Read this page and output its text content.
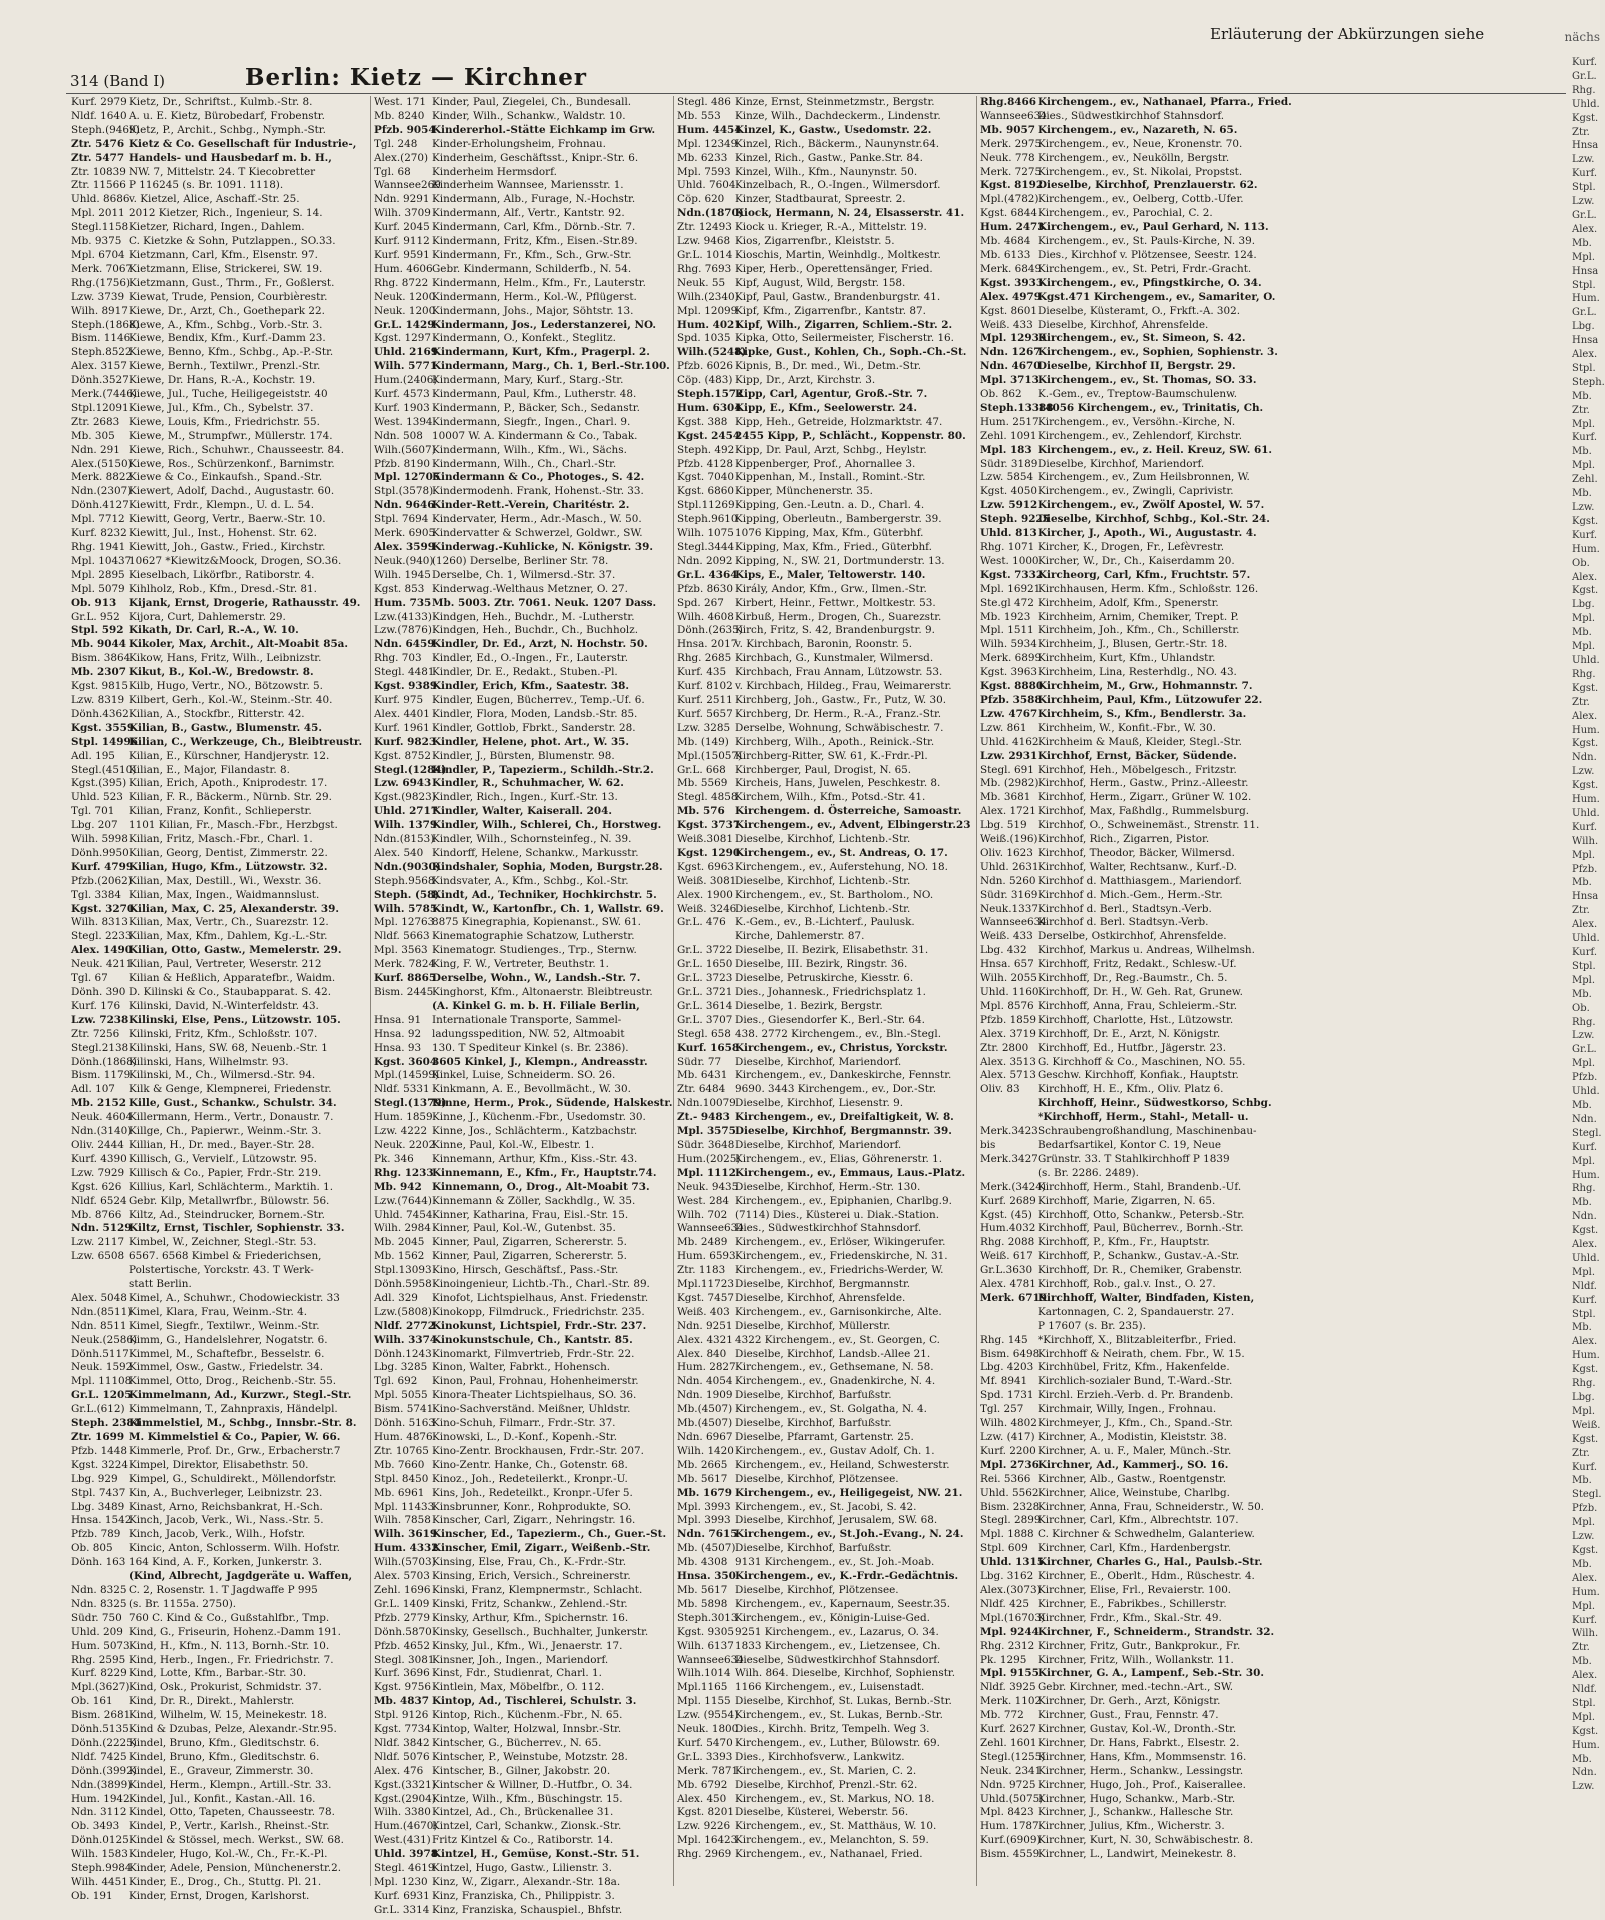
314 (Band I)	Berlin: Kietz — Kirchner
Erläuterung der Abkürzungen siehe	nächs
Kurf. 2979 Kietz, Dr., Schriftst., Kulmb.-Str. 8.
Nldf. 1640 A. u. E. Kietz, Bürobedarf, Frobenstr.
Steph.(9469)Kietz, P., Archit., Schbg., Nymph.-Str.
Ztr. 5476 Kietz & Co. Gesellschaft für Industrie-,
Ztr. 5477 Handels- und Hausbedarf m. b. H.,
Ztr. 10839 NW. 7, Mittelstr. 24. T Kiecobretter
Ztr. 11566 P 116245 (s. Br. 1091. 1118).
Uhld. 8686v. Kietzel, Alice, Aschaff.-Str. 25.
Mpl. 2011 2012 Kietzer, Rich., Ingenieur, S. 14.
Stegl.1158Kietzer, Richard, Ingen., Dahlem.
Mb. 9375 C. Kietzke & Sohn, Putzlappen., SO.33.
Mpl. 6704 Kietzmann, Carl, Kfm., Elsenstr. 97.
Merk. 7067Kietzmann, Elise, Strickerei, SW. 19.
Rhg.(1756)Kietzmann, Gust., Thrm., Fr., Goßlerst.
Lzw. 3739 Kiewat, Trude, Pension, Courbièrestr.
Wilh. 8917Kiewe, Dr., Arzt, Ch., Goethepark 22.
Steph.(1868)Kiewe, A., Kfm., Schbg., Vorb.-Str. 3.
Bism. 1146Kiewe, Bendix, Kfm., Kurf.-Damm 23.
Steph.8522Kiewe, Benno, Kfm., Schbg., Ap.-P.-Str.
Alex. 3157 Kiewe, Bernh., Textilwr., Prenzl.-Str.
Dönh.3527Kiewe, Dr. Hans, R.-A., Kochstr. 19.
Merk.(7446)Kiewe, Jul., Tuche, Heiligegeiststr. 40
Stpl.12091Kiewe, Jul., Kfm., Ch., Sybelstr. 37.
Ztr. 2683 Kiewe, Louis, Kfm., Friedrichstr. 55.
Mb. 305 Kiewe, M., Strumpfwr., Müllerstr. 174.
Ndn. 291 Kiewe, Rich., Schuhwr., Chausseestr. 84.
Alex.(5150)Kiewe, Ros., Schürzenkonf., Barnimstr.
Merk. 8822Kiewe & Co., Einkaufsh., Spand.-Str.
Ndn.(2307)Kiewert, Adolf, Dachd., Augustastr. 60.
Dönh.4127Kiewitt, Frdr., Klempn., U. d. L. 54.
Mpl. 7712 Kiewitt, Georg, Vertr., Baerw.-Str. 10.
Kurf. 8232 Kiewitt, Jul., Inst., Hohenst. Str. 62.
Rhg. 1941 Kiewitt, Joh., Gastw., Fried., Kirchstr.
Mpl. 1043710627 *Kiewitz&Moock, Drogen, SO.36.
Mpl. 2895 Kieselbach, Likörfbr., Ratiborstr. 4.
Mpl. 5079 Kihlholz, Rob., Kfm., Dresd.-Str. 81.
Ob. 913 Kijank, Ernst, Drogerie, Rathausstr. 49.
Gr.L. 952 Kijora, Curt, Dahlemerstr. 29.
Stpl. 592 Kikath, Dr. Carl, R.-A., W. 10.
Mb. 9044 Kikoler, Max, Archit., Alt-Moabit 85a.
Bism. 3864Kikow, Hans, Fritz, Wilh., Leibnizstr.
Mb. 2307 Kikut, B., Kol.-W., Bredowstr. 8.
Kgst. 9815Kilb, Hugo, Vertr., NO., Bötzowstr. 5.
Lzw. 8319 Kilbert, Gerh., Kol.-W., Steinm.-Str. 40.
Dönh.4362Kilian, A., Stockfbr., Ritterstr. 42.
Kgst. 3559Kilian, B., Gastw., Blumenstr. 45.
Stpl. 14996Kilian, C., Werkzeuge, Ch., Bleibtreustr.
Adl. 195 Kilian, E., Kürschner, Handjerystr. 12.
Stegl.(4510)Kilian, E., Major, Filandastr. 8.
Kgst.(395) Kilian, Erich, Apoth., Kniprodestr. 17.
Uhld. 523 Kilian, F. R., Bäckerm., Nürnb. Str. 29.
Tgl. 701 Kilian, Franz, Konfit., Schlieperstr.
Lbg. 207 1101 Kilian, Fr., Masch.-Fbr., Herzbgst.
Wilh. 5998Kilian, Fritz, Masch.-Fbr., Charl. 1.
Dönh.9950Kilian, Georg, Dentist, Zimmerstr. 22.
Kurf. 4799Kilian, Hugo, Kfm., Lützowstr. 32.
Pfzb.(2062)Kilian, Max, Destill., Wi., Wexstr. 36.
Tgl. 3384 Kilian, Max, Ingen., Waidmannslust.
Kgst. 3270Kilian, Max, C. 25, Alexanderstr. 39.
Wilh. 8313Kilian, Max, Vertr., Ch., Suarezstr. 12.
Stegl. 2233Kilian, Max, Kfm., Dahlem, Kg.-L.-Str.
Alex. 1490Kilian, Otto, Gastw., Memelerstr. 29.
Neuk. 4211Kilian, Paul, Vertreter, Weserstr. 212
Tgl. 67 Kilian & Heßlich, Apparatefbr., Waidm.
Dönh. 390 D. Kilinski & Co., Staubapparat. S. 42.
Kurf. 176 Kilinski, David, N.-Winterfeldstr. 43.
Lzw. 7238Kilinski, Else, Pens., Lützowstr. 105.
Ztr. 7256 Kilinski, Fritz, Kfm., Schloßstr. 107.
Stegl.2138Kilinski, Hans, SW. 68, Neuenb.-Str. 1
Dönh.(1868)Kilinski, Hans, Wilhelmstr. 93.
Bism. 1179Kilinski, M., Ch., Wilmersd.-Str. 94.
Adl. 107 Kilk & Genge, Klempnerei, Friedenstr.
Mb. 2152 Kille, Gust., Schankw., Schulstr. 34.
Neuk. 4604Killermann, Herm., Vertr., Donaustr. 7.
Ndn.(3140)Killge, Ch., Papierwr., Weinm.-Str. 3.
Oliv. 2444 Killian, H., Dr. med., Bayer.-Str. 28.
Kurf. 4390 Killisch, G., Vervielf., Lützowstr. 95.
Lzw. 7929 Killisch & Co., Papier, Frdr.-Str. 219.
Kgst. 626 Killius, Karl, Schlächterm., Marktih. 1.
Nldf. 6524 Gebr. Kilp, Metallwrfbr., Bülowstr. 56.
Mb. 8766 Kiltz, Ad., Steindrucker, Bornem.-Str.
Ndn. 5129Kiltz, Ernst, Tischler, Sophienstr. 33.
Lzw. 2117 Kimbel, W., Zeichner, Stegl.-Str. 53.
Lzw. 6508 6567. 6568 Kimbel & Friederichsen,
Polstertische, Yorckstr. 43. T Werk-
statt Berlin.
Alex. 5048 Kimel, A., Schuhwr., Chodowieckistr. 33
Ndn.(8511)Kimel, Klara, Frau, Weinm.-Str. 4.
Ndn. 8511 Kimel, Siegfr., Textilwr., Weinm.-Str.
Neuk.(2586)Kimm, G., Handelslehrer, Nogatstr. 6.
Dönh.5117Kimmel, M., Schaftefbr., Besselstr. 6.
Neuk. 1592Kimmel, Osw., Gastw., Friedelstr. 34.
Mpl. 11108Kimmel, Otto, Drog., Reichenb.-Str. 55.
Gr.L. 1205Kimmelmann, Ad., Kurzwr., Stegl.-Str.
Gr.L.(612) Kimmelmann, T., Zahnpraxis, Händelpl.
Steph. 2384Kimmelstiel, M., Schbg., Innsbr.-Str. 8.
Ztr. 1699 M. Kimmelstiel & Co., Papier, W. 66.
Pfzb. 1448 Kimmerle, Prof. Dr., Grw., Erbacherstr.7
Kgst. 3224Kimpel, Direktor, Elisabethstr. 50.
Lbg. 929 Kimpel, G., Schuldirekt., Möllendorfstr.
Stpl. 7437 Kin, A., Buchverleger, Leibnizstr. 23.
Lbg. 3489 Kinast, Arno, Reichsbankrat, H.-Sch.
Hnsa. 1542Kinch, Jacob, Verk., Wi., Nass.-Str. 5.
Pfzb. 789 Kinch, Jacob, Verk., Wilh., Hofstr.
Ob. 805 Kincic, Anton, Schlosserm. Wilh. Hofstr.
Dönh. 163 164 Kind, A. F., Korken, Junkerstr. 3.
(Kind, Albrecht, Jagdgeräte u. Waffen,
Ndn. 8325 C. 2, Rosenstr. 1. T Jagdwaffe P 995
Ndn. 8325 (s. Br. 1155a. 2750).
Südr. 750 760 C. Kind & Co., Gußstahlfbr., Tmp.
Uhld. 209 Kind, G., Friseurin, Hohenz.-Damm 191.
Hum. 5073Kind, H., Kfm., N. 113, Bornh.-Str. 10.
Rhg. 2595 Kind, Herb., Ingen., Fr. Friedrichstr. 7.
Kurf. 8229 Kind, Lotte, Kfm., Barbar.-Str. 30.
Mpl.(3627)Kind, Osk., Prokurist, Schmidstr. 37.
Ob. 161 Kind, Dr. R., Direkt., Mahlerstr.
Bism. 2681Kind, Wilhelm, W. 15, Meinekestr. 18.
Dönh.5135Kind & Dzubas, Pelze, Alexandr.-Str.95.
Dönh.(2225)Kindel, Bruno, Kfm., Gleditschstr. 6.
Nldf. 7425 Kindel, Bruno, Kfm., Gleditschstr. 6.
Dönh.(3992)Kindel, E., Graveur, Zimmerstr. 30.
Ndn.(3899)Kindel, Herm., Klempn., Artill.-Str. 33.
Hum. 1942Kindel, Jul., Konfit., Kastan.-All. 16.
Ndn. 3112 Kindel, Otto, Tapeten, Chausseestr. 78.
Ob. 3493 Kindel, P., Vertr., Karlsh., Rheinst.-Str.
Dönh.0125Kindel & Stössel, mech. Werkst., SW. 68.
Wilh. 1583Kindeler, Hugo, Kol.-W., Ch., Fr.-K.-Pl.
Steph.9984Kinder, Adele, Pension, Münchenerstr.2.
Wilh. 4451Kinder, E., Drog., Ch., Stuttg. Pl. 21.
Ob. 191 Kinder, Ernst, Drogen, Karlshorst.
West. 171 Kinder, Paul, Ziegelei, Ch., Bundesall.
Mb. 8240 Kinder, Wilh., Schankw., Waldstr. 10.
Pfzb. 9054Kindererhol.-Stätte Eichkamp im Grw.
Tgl. 248 Kinder-Erholungsheim, Frohnau.
Alex.(270) Kinderheim, Geschäftsst., Knipr.-Str. 6.
Tgl. 68 Kinderheim Hermsdorf.
Wannsee269Kinderheim Wannsee, Mariensstr. 1.
Ndn. 9291 Kindermann, Alb., Furage, N.-Hochstr.
Wilh. 3709Kindermann, Alf., Vertr., Kantstr. 92.
Kurf. 2045 Kindermann, Carl, Kfm., Dörnb.-Str. 7.
Kurf. 9112 Kindermann, Fritz, Kfm., Eisen.-Str.89.
Kurf. 9591 Kindermann, Fr., Kfm., Sch., Grw.-Str.
Hum. 4606Gebr. Kindermann, Schilderfb., N. 54.
Rhg. 8722 Kindermann, Helm., Kfm., Fr., Lauterstr.
Neuk. 1200Kindermann, Herm., Kol.-W., Pflügerst.
Neuk. 1200Kindermann, Johs., Major, Söhtstr. 13.
Gr.L. 1429Kindermann, Jos., Lederstanzerei, NO.
Kgst. 1297Kindermann, O., Konfekt., Steglitz.
Uhld. 2169Kindermann, Kurt, Kfm., Pragerpl. 2.
Wilh. 5771Kindermann, Marg., Ch. 1, Berl.-Str.100.
Hum.(2406)Kindermann, Mary, Kurf., Starg.-Str.
Kurf. 4573 Kindermann, Paul, Kfm., Lutherstr. 48.
Kurf. 1903 Kindermann, P., Bäcker, Sch., Sedanstr.
West. 1394Kindermann, Siegfr., Ingen., Charl. 9.
Ndn. 508 10007 W. A. Kindermann & Co., Tabak.
Wilh.(5607)Kindermann, Wilh., Kfm., Wi., Sächs.
Pfzb. 8190 Kindermann, Wilh., Ch., Charl.-Str.
Mpl. 12705Kindermann & Co., Photoges., S. 42.
Stpl.(3578)Kindermodenh. Frank, Hohenst.-Str. 33.
Ndn. 9646Kinder-Rett.-Verein, Charitéstr. 2.
Stpl. 7694 Kindervater, Herm., Adr.-Masch., W. 50.
Merk. 6905Kindervatter & Schwerzel, Goldwr., SW.
Alex. 3599Kinderwag.-Kuhlicke, N. Königstr. 39.
Neuk.(940)(1260) Derselbe, Berliner Str. 78.
Wilh. 1945Derselbe, Ch. 1, Wilmersd.-Str. 37.
Kgst. 853 Kinderwag.-Welthaus Metzner, O. 27.
Hum. 735Mb. 5003. Ztr. 7061. Neuk. 1207 Dass.
Lzw.(4133)Kindgen, Heh., Buchdr., M. -Lutherstr.
Lzw.(7876)Kindgen, Heh., Buchdr., Ch., Buchholz.
Ndn. 6459Kindler, Dr. Ed., Arzt, N. Hochstr. 50.
Rhg. 703 Kindler, Ed., O.-Ingen., Fr., Lauterstr.
Stegl. 4481Kindler, Dr. E., Redakt., Stuben.-Pl.
Kgst. 9389Kindler, Erich, Kfm., Saatestr. 38.
Kurf. 975 Kindler, Eugen, Bücherrev., Temp.-Uf. 6.
Alex. 4401 Kindler, Flora, Moden, Landsb.-Str. 85.
Kurf. 1961 Kindler, Gottlob, Fbrkt., Sanderstr. 28.
Kurf. 9823Kindler, Helene, phot. Art., W. 35.
Kgst. 8752Kindler, J., Bürsten, Blumenstr. 98.
Stegl.(1284)Kindler, P., Tapezierm., Schildh.-Str.2.
Lzw. 6943Kindler, R., Schuhmacher, W. 62.
Kgst.(9823)Kindler, Rich., Ingen., Kurf.-Str. 13.
Uhld. 2717Kindler, Walter, Kaiserall. 204.
Wilh. 1379Kindler, Wilh., Schlerei, Ch., Horstweg.
Ndn.(8153)Kindler, Wilh., Schornsteinfeg., N. 39.
Alex. 540 Kindorff, Helene, Schankw., Markusstr.
Ndn.(9030)Kindshaler, Sophia, Moden, Burgstr.28.
Steph.9568Kindsvater, A., Kfm., Schbg., Kol.-Str.
Steph. (58)Kindt, Ad., Techniker, Hochkirchstr. 5.
Wilh. 5785Kindt, W., Kartonfbr., Ch. 1, Wallstr. 69.
Mpl. 127638875 Kinegraphia, Kopienanst., SW. 61.
Nldf. 5663 Kinematographie Schatzow, Lutherstr.
Mpl. 3563 Kinematogr. Studienges., Trp., Sternw.
Merk. 7824King, F. W., Vertreter, Beuthstr. 1.
Kurf. 8865Derselbe, Wohn., W., Landsh.-Str. 7.
Bism. 2445Kinghorst, Kfm., Altonaerstr. Bleibtreustr.
(A. Kinkel G. m. b. H. Filiale Berlin,
Hnsa. 91 Internationale Transporte, Sammel-
Hnsa. 92 ladungsspedition, NW. 52, Altmoabit
Hnsa. 93 130. T Spediteur Kinkel (s. Br. 2386).
Kgst. 36043605 Kinkel, J., Klempn., Andreasstr.
Mpl.(14599)Kinkel, Luise, Schneiderm. SO. 26.
Nldf. 5331 Kinkmann, A. E., Bevollmächt., W. 30.
Stegl.(1379)Kinne, Herm., Prok., Südende, Halskestr.
Hum. 1859Kinne, J., Küchenm.-Fbr., Usedomstr. 30.
Lzw. 4222 Kinne, Jos., Schlächterm., Katzbachstr.
Neuk. 2202Kinne, Paul, Kol.-W., Elbestr. 1.
Pk. 346 Kinnemann, Arthur, Kfm., Kiss.-Str. 43.
Rhg. 1233Kinnemann, E., Kfm., Fr., Hauptstr.74.
Mb. 942 Kinnemann, O., Drog., Alt-Moabit 73.
Lzw.(7644)Kinnemann & Zöller, Sackhdlg., W. 35.
Uhld. 7454Kinner, Katharina, Frau, Eisl.-Str. 15.
Wilh. 2984Kinner, Paul, Kol.-W., Gutenbst. 35.
Mb. 2045 Kinner, Paul, Zigarren, Schererstr. 5.
Mb. 1562 Kinner, Paul, Zigarren, Schererstr. 5.
Stpl.13093Kino, Hirsch, Geschäftsf., Pass.-Str.
Dönh.5958Kinoingenieur, Lichtb.-Th., Charl.-Str. 89.
Adl. 329 Kinofot, Lichtspielhaus, Anst. Friedenstr.
Lzw.(5808)Kinokopp, Filmdruck., Friedrichstr. 235.
Nldf. 2772Kinokunst, Lichtspiel, Frdr.-Str. 237.
Wilh. 3374Kinokunstschule, Ch., Kantstr. 85.
Dönh.1243Kinomarkt, Filmvertrieb, Frdr.-Str. 22.
Lbg. 3285 Kinon, Walter, Fabrkt., Hohensch.
Tgl. 692 Kinon, Paul, Frohnau, Hohenheimerstr.
Mpl. 5055 Kinora-Theater Lichtspielhaus, SO. 36.
Bism. 5741Kino-Sachverständ. Meißner, Uhldstr.
Dönh. 5163Kino-Schuh, Filmarr., Frdr.-Str. 37.
Hum. 4876Kinowski, L., D.-Konf., Kopenh.-Str.
Ztr. 10765 Kino-Zentr. Brockhausen, Frdr.-Str. 207.
Mb. 7660 Kino-Zentr. Hanke, Ch., Gotenstr. 68.
Stpl. 8450 Kinoz., Joh., Redeteilerkt., Kronpr.-U.
Mb. 6961 Kins, Joh., Redeteilkt., Kronpr.-Ufer 5.
Mpl. 11433Kinsbrunner, Konr., Rohprodukte, SO.
Wilh. 7858Kinscher, Carl, Zigarr., Nehringstr. 16.
Wilh. 3619Kinscher, Ed., Tapezierm., Ch., Guer.-St.
Hum. 4332Kinscher, Emil, Zigarr., Weißenb.-Str.
Wilh.(5703)Kinsing, Else, Frau, Ch., K.-Frdr.-Str.
Alex. 5703 Kinsing, Erich, Versich., Schreinerstr.
Zehl. 1696 Kinski, Franz, Klempnermstr., Schlacht.
Gr.L. 1409 Kinski, Fritz, Schankw., Zehlend.-Str.
Pfzb. 2779 Kinsky, Arthur, Kfm., Spichernstr. 16.
Dönh.5870Kinsky, Gesellsch., Buchhalter, Junkerstr.
Pfzb. 4652 Kinsky, Jul., Kfm., Wi., Jenaerstr. 17.
Stegl. 3081Kinsner, Joh., Ingen., Mariendorf.
Kurf. 3696 Kinst, Fdr., Studienrat, Charl. 1.
Kgst. 9756Kintlein, Max, Möbelfbr., O. 112.
Mb. 4837 Kintop, Ad., Tischlerei, Schulstr. 3.
Stpl. 9126 Kintop, Rich., Küchenm.-Fbr., N. 65.
Kgst. 7734Kintop, Walter, Holzwal, Innsbr.-Str.
Nldf. 3842 Kintscher, G., Bücherrev., N. 65.
Nldf. 5076 Kintscher, P., Weinstube, Motzstr. 28.
Alex. 476 Kintscher, B., Gilner, Jakobstr. 20.
Kgst.(3321)Kintscher & Willner, D.-Hutfbr., O. 34.
Kgst.(2904)Kintze, Wilh., Kfm., Büschingstr. 15.
Wilh. 3380Kintzel, Ad., Ch., Brückenallee 31.
Hum.(4670)Kintzel, Carl, Schankw., Zionsk.-Str.
West.(431)Fritz Kintzel & Co., Ratiborstr. 14.
Uhld. 3978Kintzel, H., Gemüse, Konst.-Str. 51.
Stegl. 4619Kintzel, Hugo, Gastw., Lilienstr. 3.
Mpl. 1230 Kinz, W., Zigarr., Alexandr.-Str. 18a.
Kurf. 6931 Kinz, Franziska, Ch., Philippistr. 3.
Gr.L. 3314 Kinz, Franziska, Schauspiel., Bhfstr.
Stegl. 486 Kinze, Ernst, Steinmetzmstr., Bergstr.
Mb. 553 Kinze, Wilh., Dachdeckerm., Lindenstr.
Hum. 4454Kinzel, K., Gastw., Usedomstr. 22.
Mpl. 12349Kinzel, Rich., Bäckerm., Naunynstr.64.
Mb. 6233 Kinzel, Rich., Gastw., Panke.Str. 84.
Mpl. 7593 Kinzel, Wilh., Kfm., Naunynstr. 50.
Uhld. 7604Kinzelbach, R., O.-Ingen., Wilmersdorf.
Cöp. 620 Kinzer, Stadtbaurat, Spreestr. 2.
Ndn.(1870)Kiock, Hermann, N. 24, Elsasserstr. 41.
Ztr. 12493 Kiock u. Krieger, R.-A., Mittelstr. 19.
Lzw. 9468 Kios, Zigarrenfbr., Kleiststr. 5.
Gr.L. 1014 Kioschis, Martin, Weinhdlg., Moltkestr.
Rhg. 7693 Kiper, Herb., Operettensänger, Fried.
Neuk. 55 Kipf, August, Wild, Bergstr. 158.
Wilh.(2340)Kipf, Paul, Gastw., Brandenburgstr. 41.
Mpl. 12099Kipf, Kfm., Zigarrenfbr., Kantstr. 87.
Hum. 4021Kipf, Wilh., Zigarren, Schliem.-Str. 2.
Spd. 1035 Kipka, Otto, Seilermeister, Fischerstr. 16.
Wilh.(5248)Kipke, Gust., Kohlen, Ch., Soph.-Ch.-St.
Pfzb. 6026 Kipnis, B., Dr. med., Wi., Detm.-Str.
Cöp. (483) Kipp, Dr., Arzt, Kirchstr. 3.
Steph.1572Kipp, Carl, Agentur, Groß.-Str. 7.
Hum. 6304Kipp, E., Kfm., Seelowerstr. 24.
Kgst. 388 Kipp, Heh., Getreide, Holzmarktstr. 47.
Kgst. 24542455 Kipp, P., Schlächt., Koppenstr. 80.
Steph. 492Kipp, Dr. Paul, Arzt, Schbg., Heylstr.
Pfzb. 4128 Kippenberger, Prof., Ahornallee 3.
Kgst. 7040Kippenhan, M., Install., Romint.-Str.
Kgst. 6860Kipper, Münchenerstr. 35.
Stpl.11269Kipping, Gen.-Leutn. a. D., Charl. 4.
Steph.9610Kipping, Oberleutn., Bambergerstr. 39.
Wilh. 10751076 Kipping, Max, Kfm., Güterbhf.
Stegl.3444Kipping, Max, Kfm., Fried., Güterbhf.
Ndn. 2092 Kipping, N., SW. 21, Dortmunderstr. 13.
Gr.L. 4364Kips, E., Maler, Teltowerstr. 140.
Pfzb. 8630 Király, Andor, Kfm., Grw., Ilmen.-Str.
Spd. 267 Kirbert, Heinr., Fettwr., Moltkestr. 53.
Wilh. 4608Kirbuß, Herm., Drogen, Ch., Suarezstr.
Dönh.(2635)Kirch, Fritz, S. 42, Brandenburgstr. 9.
Hnsa. 2017v. Kirchbach, Baronin, Roonstr. 5.
Rhg. 2685 Kirchbach, G., Kunstmaler, Wilmersd.
Kurf. 435 Kirchbach, Frau Annam, Lützowstr. 53.
Kurf. 8102 v. Kirchbach, Hildeg., Frau, Weimarerstr.
Kurf. 2511 Kirchberg, Joh., Gastw., Fr., Putz, W. 30.
Kurf. 5657 Kirchberg, Dr. Herm., R.-A., Franz.-Str.
Lzw. 3285 Derselbe, Wohnung, Schwäbischestr. 7.
Mb. (149) Kirchberg, Wilh., Apoth., Reinick.-Str.
Mpl.(15057)Kirchberg-Ritter, SW. 61, K.-Frdr.-Pl.
Gr.L. 668 Kirchberger, Paul, Drogist, N. 65.
Mb. 5569 Kircheis, Hans, Juwelen, Peschkestr. 8.
Stegl. 4858Kirchem, Wilh., Kfm., Potsd.-Str. 41.
Mb. 576 Kirchengem. d. Österreiche, Samoastr.
Kgst. 3737Kirchengem., ev., Advent, Elbingerstr.23
Weiß.3081 Dieselbe, Kirchhof, Lichtenb.-Str.
Kgst. 1290Kirchengem., ev., St. Andreas, O. 17.
Kgst. 6963Kirchengem., ev., Auferstehung, NO. 18.
Weiß. 3081Dieselbe, Kirchhof, Lichtenb.-Str.
Alex. 1900 Kirchengem., ev., St. Bartholom., NO.
Weiß. 3246Dieselbe, Kirchhof, Lichtenb.-Str.
Gr.L. 476 K.-Gem., ev., B.-Lichterf., Paulusk.
Kirche, Dahlemerstr. 87.
Gr.L. 3722 Dieselbe, II. Bezirk, Elisabethstr. 31.
Gr.L. 1650 Dieselbe, III. Bezirk, Ringstr. 36.
Gr.L. 3723 Dieselbe, Petruskirche, Kiesstr. 6.
Gr.L. 3721 Dies., Johannesk., Friedrichsplatz 1.
Gr.L. 3614 Dieselbe, 1. Bezirk, Bergstr.
Gr.L. 3707 Dies., Giesendorfer K., Berl.-Str. 64.
Stegl. 658 438. 2772 Kirchengem., ev., Bln.-Stegl.
Kurf. 1658Kirchengem., ev., Christus, Yorckstr.
Südr. 77 Dieselbe, Kirchhof, Mariendorf.
Mb. 6431 Kirchengem., ev., Dankeskirche, Fennstr.
Ztr. 6484 9690. 3443 Kirchengem., ev., Dor.-Str.
Ndn.10079Dieselbe, Kirchhof, Liesenstr. 9.
Zt.- 9483 Kirchengem., ev., Dreifaltigkeit, W. 8.
Mpl. 3575Dieselbe, Kirchhof, Bergmannstr. 39.
Südr. 3648Dieselbe, Kirchhof, Mariendorf.
Hum.(2025)Kirchengem., ev., Elias, Göhrenerstr. 1.
Mpl. 1112Kirchengem., ev., Emmaus, Laus.-Platz.
Neuk. 9435Dieselbe, Kirchhof, Herm.-Str. 130.
West. 284 Kirchengem., ev., Epiphanien, Charlbg.9.
Wilh. 702 (7114) Dies., Küsterei u. Diak.-Station.
Wannsee634Dies., Südwestkirchhof Stahnsdorf.
Mb. 2489 Kirchengem., ev., Erlöser, Wikingerufer.
Hum. 6593Kirchengem., ev., Friedenskirche, N. 31.
Ztr. 1183 Kirchengem., ev., Friedrichs-Werder, W.
Mpl.11723Dieselbe, Kirchhof, Bergmannstr.
Kgst. 7457Dieselbe, Kirchhof, Ahrensfelde.
Weiß. 403 Kirchengem., ev., Garnisonkirche, Alte.
Ndn. 9251 Dieselbe, Kirchhof, Müllerstr.
Alex. 4321 4322 Kirchengem., ev., St. Georgen, C.
Alex. 840 Dieselbe, Kirchhof, Landsb.-Allee 21.
Hum. 2827Kirchengem., ev., Gethsemane, N. 58.
Ndn. 4054 Kirchengem., ev., Gnadenkirche, N. 4.
Ndn. 1909 Dieselbe, Kirchhof, Barfußstr.
Mb.(4507) Kirchengem., ev., St. Golgatha, N. 4.
Mb.(4507) Dieselbe, Kirchhof, Barfußstr.
Ndn. 6967 Dieselbe, Pfarramt, Gartenstr. 25.
Wilh. 1420Kirchengem., ev., Gustav Adolf, Ch. 1.
Mb. 2665 Kirchengem., ev., Heiland, Schwesterstr.
Mb. 5617 Dieselbe, Kirchhof, Plötzensee.
Mb. 1679 Kirchengem., ev., Heiligegeist, NW. 21.
Mpl. 3993 Kirchengem., ev., St. Jacobi, S. 42.
Mpl. 3993 Dieselbe, Kirchhof, Jerusalem, SW. 68.
Ndn. 7615Kirchengem., ev., St.Joh.-Evang., N. 24.
Mb. (4507)Dieselbe, Kirchhof, Barfußstr.
Mb. 4308 9131 Kirchengem., ev., St. Joh.-Moab.
Hnsa. 350Kirchengem., ev., K.-Frdr.-Gedächtnis.
Mb. 5617 Dieselbe, Kirchhof, Plötzensee.
Mb. 5898 Kirchengem., ev., Kapernaum, Seestr.35.
Steph.3013Kirchengem., ev., Königin-Luise-Ged.
Kgst. 93059251 Kirchengem., ev., Lazarus, O. 34.
Wilh. 61371833 Kirchengem., ev., Lietzensee, Ch.
Wannsee634Dieselbe, Südwestkirchhof Stahnsdorf.
Wilh.1014 Wilh. 864. Dieselbe, Kirchhof, Sophienstr.
Mpl.1165 1166 Kirchengem., ev., Luisenstadt.
Mpl. 1155 Dieselbe, Kirchhof, St. Lukas, Bernb.-Str.
Lzw. (9554)Kirchengem., ev., St. Lukas, Bernb.-Str.
Neuk. 1800Dies., Kirchh. Britz, Tempelh. Weg 3.
Kurf. 5470 Kirchengem., ev., Luther, Bülowstr. 69.
Gr.L. 3393 Dies., Kirchhofsverw., Lankwitz.
Merk. 7871Kirchengem., ev., St. Marien, C. 2.
Mb. 6792 Dieselbe, Kirchhof, Prenzl.-Str. 62.
Alex. 450 Kirchengem., ev., St. Markus, NO. 18.
Kgst. 8201Dieselbe, Küsterei, Weberstr. 56.
Lzw. 9226 Kirchengem., ev., St. Matthäus, W. 10.
Mpl. 16423Kirchengem., ev., Melanchton, S. 59.
Rhg. 2969 Kirchengem., ev., Nathanael, Fried.
Rhg.8466 Kirchengem., ev., Nathanael, Pfarra., Fried.
Wannsee634Dies., Südwestkirchhof Stahnsdorf.
Mb. 9057 Kirchengem., ev., Nazareth, N. 65.
Merk. 2975Kirchengem., ev., Neue, Kronenstr. 70.
Neuk. 778 Kirchengem., ev., Neukölln, Bergstr.
Merk. 7275Kirchengem., ev., St. Nikolai, Propstst.
Kgst. 8192Dieselbe, Kirchhof, Prenzlauerstr. 62.
Mpl.(4782)Kirchengem., ev., Oelberg, Cottb.-Ufer.
Kgst. 6844Kirchengem., ev., Parochial, C. 2.
Hum. 2473Kirchengem., ev., Paul Gerhard, N. 113.
Mb. 4684 Kirchengem., ev., St. Pauls-Kirche, N. 39.
Mb. 6133 Dies., Kirchhof v. Plötzensee, Seestr. 124.
Merk. 6849Kirchengem., ev., St. Petri, Frdr.-Gracht.
Kgst. 3933Kirchengem., ev., Pfingstkirche, O. 34.
Alex. 4979Kgst.471 Kirchengem., ev., Samariter, O.
Kgst. 8601Dieselbe, Küsteramt, O., Frkft.-A. 302.
Weiß. 433 Dieselbe, Kirchhof, Ahrensfelde.
Mpl. 12930Kirchengem., ev., St. Simeon, S. 42.
Ndn. 1267Kirchengem., ev., Sophien, Sophienstr. 3.
Ndn. 4670Dieselbe, Kirchhof II, Bergstr. 29.
Mpl. 3713Kirchengem., ev., St. Thomas, SO. 33.
Ob. 862 K.-Gem., ev., Treptow-Baumschulenw.
Steph.1338814056 Kirchengem., ev., Trinitatis, Ch.
Hum. 2517Kirchengem., ev., Versöhn.-Kirche, N.
Zehl. 1091 Kirchengem., ev., Zehlendorf, Kirchstr.
Mpl. 183 Kirchengem., ev., z. Heil. Kreuz, SW. 61.
Südr. 3189Dieselbe, Kirchhof, Mariendorf.
Lzw. 5854 Kirchengem., ev., Zum Heilsbronnen, W.
Kgst. 4050Kirchengem., ev., Zwingli, Caprivistr.
Lzw. 5912Kirchengem., ev., Zwölf Apostel, W. 57.
Steph. 9225Dieselbe, Kirchhof, Schbg., Kol.-Str. 24.
Uhld. 813Kircher, J., Apoth., Wi., Augustastr. 4.
Rhg. 1071 Kircher, K., Drogen, Fr., Lefèvrestr.
West. 1000Kircher, W., Dr., Ch., Kaiserdamm 20.
Kgst. 7332Kircheorg, Carl, Kfm., Fruchtstr. 57.
Mpl. 16921Kirchhausen, Herm. Kfm., Schloßstr. 126.
Ste.gl 472 Kirchheim, Adolf, Kfm., Spenerstr.
Mb. 1923 Kirchheim, Arnim, Chemiker, Trept. P.
Mpl. 1511 Kirchheim, Joh., Kfm., Ch., Schillerstr.
Wilh. 5934Kirchheim, J., Blusen, Gertr.-Str. 18.
Merk. 6899Kirchheim, Kurt, Kfm., Uhlandstr.
Kgst. 3963Kirchheim, Lina, Resterhdlg., NO. 43.
Kgst. 8880Kirchheim, M., Grw., Hohmannstr. 7.
Pfzb. 3588Kirchheim, Paul, Kfm., Lützowufer 22.
Lzw. 4767Kirchheim, S., Kfm., Bendlerstr. 3a.
Lzw. 861 Kirchheim, W., Konfit.-Fbr., W. 30.
Uhld. 4162Kirchheim & Mauß, Kleider, Stegl.-Str.
Lzw. 2931Kirchhof, Ernst, Bäcker, Südende.
Stegl. 691 Kirchhof, Heh., Möbelgesch., Fritzstr.
Mb. (2982)Kirchhof, Herm., Gastw., Prinz.-Alleestr.
Mb. 3681 Kirchhof, Herm., Zigarr., Grüner W. 102.
Alex. 1721 Kirchhof, Max, Faßhdlg., Rummelsburg.
Lbg. 519 Kirchhof, O., Schweinemäst., Strenstr. 11.
Weiß.(196)Kirchhof, Rich., Zigarren, Pistor.
Oliv. 1623 Kirchhof, Theodor, Bäcker, Wilmersd.
Uhld. 2631Kirchhof, Walter, Rechtsanw., Kurf.-D.
Ndn. 5260 Kirchhof d. Matthiasgem., Mariendorf.
Südr. 3169Kirchhof d. Mich.-Gem., Herm.-Str.
Neuk.1337Kirchhof d. Berl., Stadtsyn.-Verb.
Wannsee634Kirchhof d. Berl. Stadtsyn.-Verb.
Weiß. 433 Derselbe, Ostkirchhof, Ahrensfelde.
Lbg. 432 Kirchhof, Markus u. Andreas, Wilhelmsh.
Hnsa. 657 Kirchhoff, Fritz, Redakt., Schlesw.-Uf.
Wilh. 2055Kirchhoff, Dr., Reg.-Baumstr., Ch. 5.
Uhld. 1160Kirchhoff, Dr. H., W. Geh. Rat, Grunew.
Mpl. 8576 Kirchhoff, Anna, Frau, Schleierm.-Str.
Pfzb. 1859 Kirchhoff, Charlotte, Hst., Lützowstr.
Alex. 3719 Kirchhoff, Dr. E., Arzt, N. Königstr.
Ztr. 2800 Kirchhoff, Ed., Hutfbr., Jägerstr. 23.
Alex. 3513 G. Kirchhoff & Co., Maschinen, NO. 55.
Alex. 5713 Geschw. Kirchhoff, Konfiak., Hauptstr.
Oliv. 83 Kirchhoff, H. E., Kfm., Oliv. Platz 6.
Kirchhoff, Heinr., Südwestkorso, Schbg.
*Kirchhoff, Herm., Stahl-, Metall- u.
Merk.3423Schraubengroßhandlung, Maschinenbau-
bis	Bedarfsartikel, Kontor C. 19, Neue
Merk.3427Grünstr. 33. T Stahlkirchhoff P 1839
(s. Br. 2286. 2489).
Merk.(3424)Kirchhoff, Herm., Stahl, Brandenb.-Uf.
Kurf. 2689 Kirchhoff, Marie, Zigarren, N. 65.
Kgst. (45) Kirchhoff, Otto, Schankw., Petersb.-Str.
Hum.4032 Kirchhoff, Paul, Bücherrev., Bornh.-Str.
Rhg. 2088 Kirchhoff, P., Kfm., Fr., Hauptstr.
Weiß. 617 Kirchhoff, P., Schankw., Gustav.-A.-Str.
Gr.L.3630 Kirchhoff, Dr. R., Chemiker, Grabenstr.
Alex. 4781 Kirchhoff, Rob., gal.v. Inst., O. 27.
Merk. 6719Kirchhoff, Walter, Bindfaden, Kisten,
Kartonnagen, C. 2, Spandauerstr. 27.
P 17607 (s. Br. 235).
Rhg. 145 *Kirchhoff, X., Blitzableiterfbr., Fried.
Bism. 6498Kirchhoff & Neirath, chem. Fbr., W. 15.
Lbg. 4203 Kirchhübel, Fritz, Kfm., Hakenfelde.
Mf. 8941 Kirchlich-sozialer Bund, T.-Ward.-Str.
Spd. 1731 Kirchl. Erzieh.-Verb. d. Pr. Brandenb.
Tgl. 257 Kirchmair, Willy, Ingen., Frohnau.
Wilh. 4802Kirchmeyer, J., Kfm., Ch., Spand.-Str.
Lzw. (417) Kirchner, A., Modistin, Kleiststr. 38.
Kurf. 2200 Kirchner, A. u. F., Maler, Münch.-Str.
Mpl. 2736Kirchner, Ad., Kammerj., SO. 16.
Rei. 5366 Kirchner, Alb., Gastw., Roentgenstr.
Uhld. 5562Kirchner, Alice, Weinstube, Charlbg.
Bism. 2328Kirchner, Anna, Frau, Schneiderstr., W. 50.
Stegl. 2899Kirchner, Carl, Kfm., Albrechtstr. 107.
Mpl. 1888 C. Kirchner & Schwedhelm, Galanteriew.
Stpl. 609 Kirchner, Carl, Kfm., Hardenbergstr.
Uhld. 1315Kirchner, Charles G., Hal., Paulsb.-Str.
Lbg. 3162 Kirchner, E., Oberlt., Hdm., Rüschestr. 4.
Alex.(3073)Kirchner, Elise, Frl., Revaierstr. 100.
Nldf. 425 Kirchner, E., Fabrikbes., Schillerstr.
Mpl.(16703)Kirchner, Frdr., Kfm., Skal.-Str. 49.
Mpl. 9244Kirchner, F., Schneiderm., Strandstr. 32.
Rhg. 2312 Kirchner, Fritz, Gutr., Bankprokur., Fr.
Pk. 1295 Kirchner, Fritz, Wilh., Wollankstr. 11.
Mpl. 9155Kirchner, G. A., Lampenf., Seb.-Str. 30.
Nldf. 3925 Gebr. Kirchner, med.-techn.-Art., SW.
Merk. 1102Kirchner, Dr. Gerh., Arzt, Königstr.
Mb. 772 Kirchner, Gust., Frau, Fennstr. 47.
Kurf. 2627 Kirchner, Gustav, Kol.-W., Dronth.-Str.
Zehl. 1601 Kirchner, Dr. Hans, Fabrkt., Elsestr. 2.
Stegl.(1255)Kirchner, Hans, Kfm., Mommsenstr. 16.
Neuk. 2341Kirchner, Herm., Schankw., Lessingstr.
Ndn. 9725 Kirchner, Hugo, Joh., Prof., Kaiserallee.
Uhld.(5075)Kirchner, Hugo, Schankw., Marb.-Str.
Mpl. 8423 Kirchner, J., Schankw., Hallesche Str.
Hum. 1787Kirchner, Julius, Kfm., Wicherstr. 3.
Kurf.(6909)Kirchner, Kurt, N. 30, Schwäbischestr. 8.
Bism. 4559Kirchner, L., Landwirt, Meinekestr. 8.
Kurf.
Gr.L.
Rhg.
Uhld.
Kgst.
Ztr.
Hnsa
Lzw.
Kurf.
Stpl.
Lzw.
Gr.L.
Alex.
Mb.
Mpl.
Hnsa
Stpl.
Hum.
Gr.L.
Lbg.
Hnsa
Alex.
Stpl.
Steph.
Mb.
Ztr.
Mpl.
Kurf.
Mb.
Mpl.
Zehl.
Mb.
Lzw.
Kgst.
Kurf.
Hum.
Ob.
Alex.
Kgst.
Lbg.
Mpl.
Mb.
Mpl.
Uhld.
Rhg.
Kgst.
Ztr.
Alex.
Hum.
Kgst.
Ndn.
Lzw.
Kgst.
Hum.
Uhld.
Kurf.
Wilh.
Mpl.
Pfzb.
Mb.
Hnsa
Ztr.
Alex.
Uhld.
Kurf.
Stpl.
Mpl.
Mb.
Ob.
Rhg.
Lzw.
Gr.L.
Mpl.
Pfzb.
Uhld.
Mb.
Ndn.
Stegl.
Kurf.
Mpl.
Hum.
Rhg.
Mb.
Ndn.
Kgst.
Alex.
Uhld.
Mpl.
Nldf.
Kurf.
Stpl.
Mb.
Alex.
Hum.
Kgst.
Rhg.
Lbg.
Mpl.
Weiß.
Kgst.
Ztr.
Kurf.
Mb.
Stegl.
Pfzb.
Mpl.
Lzw.
Kgst.
Mb.
Alex.
Hum.
Mpl.
Kurf.
Wilh.
Ztr.
Mb.
Alex.
Nldf.
Stpl.
Mpl.
Kgst.
Hum.
Mb.
Ndn.
Lzw.
